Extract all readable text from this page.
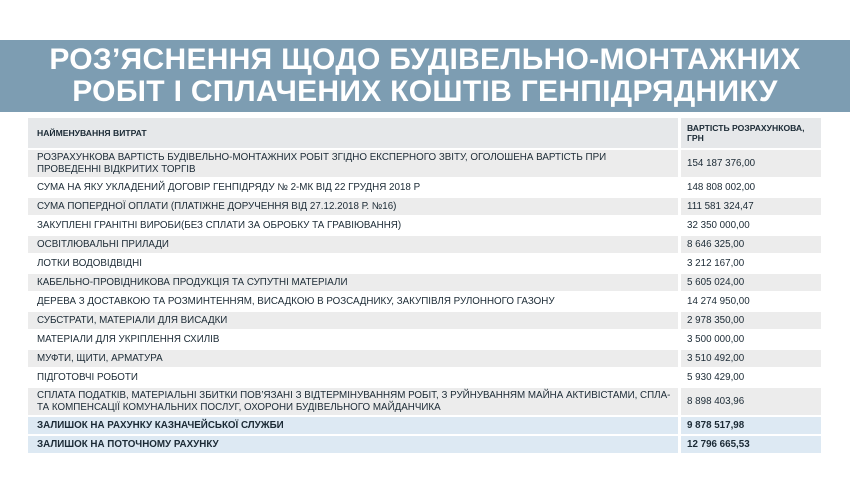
РОЗ’ЯСНЕННЯ ЩОДО БУДІВЕЛЬНО-МОНТАЖНИХ
РОБІТ І СПЛАЧЕНИХ КОШТІВ ГЕНПІДРЯДНИКУ
НАЙМЕНУВАННЯ ВИТРАТ	ВАРТІСТЬ РОЗРАХУНКОВА, ГРН
РОЗРАХУНКОВА ВАРТІСТЬ БУДІВЕЛЬНО-МОНТАЖНИХ РОБІТ ЗГІДНО ЕКСПЕРНОГО ЗВІТУ, ОГОЛОШЕНА ВАРТІСТЬ ПРИ ПРОВЕДЕННІ ВІДКРИТИХ ТОРГІВ	154 187 376,00
СУМА НА ЯКУ УКЛАДЕНИЙ ДОГОВІР ГЕНПІДРЯДУ № 2-МК ВІД 22 ГРУДНЯ 2018 Р	148 808 002,00
СУМА ПОПЕРДНОЇ ОПЛАТИ (ПЛАТІЖНЕ ДОРУЧЕННЯ ВІД 27.12.2018 Р. №16)	111 581 324,47
ЗАКУПЛЕНІ ГРАНІТНІ ВИРОБИ(БЕЗ СПЛАТИ ЗА ОБРОБКУ ТА ГРАВІЮВАННЯ)	32 350 000,00
ОСВІТЛЮВАЛЬНІ ПРИЛАДИ	8 646 325,00
ЛОТКИ ВОДОВІДВІДНІ	3 212 167,00
КАБЕЛЬНО-ПРОВІДНИКОВА ПРОДУКЦІЯ ТА СУПУТНІ МАТЕРІАЛИ	5 605 024,00
ДЕРЕВА З ДОСТАВКОЮ ТА РОЗМИНТЕННЯМ, ВИСАДКОЮ В РОЗСАДНИКУ, ЗАКУПІВЛЯ РУЛОННОГО ГАЗОНУ	14 274 950,00
СУБСТРАТИ, МАТЕРІАЛИ ДЛЯ ВИСАДКИ	2 978 350,00
МАТЕРІАЛИ ДЛЯ УКРІПЛЕННЯ СХИЛІВ	3 500 000,00
МУФТИ, ЩИТИ, АРМАТУРА	3 510 492,00
ПІДГОТОВЧІ РОБОТИ	5 930 429,00
СПЛАТА ПОДАТКІВ, МАТЕРІАЛЬНІ ЗБИТКИ ПОВ’ЯЗАНІ З ВІДТЕРМІНУВАННЯМ РОБІТ, З РУЙНУВАННЯМ МАЙНА АКТИВІСТАМИ, СПЛА-ТА КОМПЕНСАЦІЇ КОМУНАЛЬНИХ ПОСЛУГ, ОХОРОНИ БУДІВЕЛЬНОГО МАЙДАНЧИКА	8 898 403,96
ЗАЛИШОК НА РАХУНКУ КАЗНАЧЕЙСЬКОЇ СЛУЖБИ	9 878 517,98
ЗАЛИШОК НА ПОТОЧНОМУ РАХУНКУ	12 796 665,53
